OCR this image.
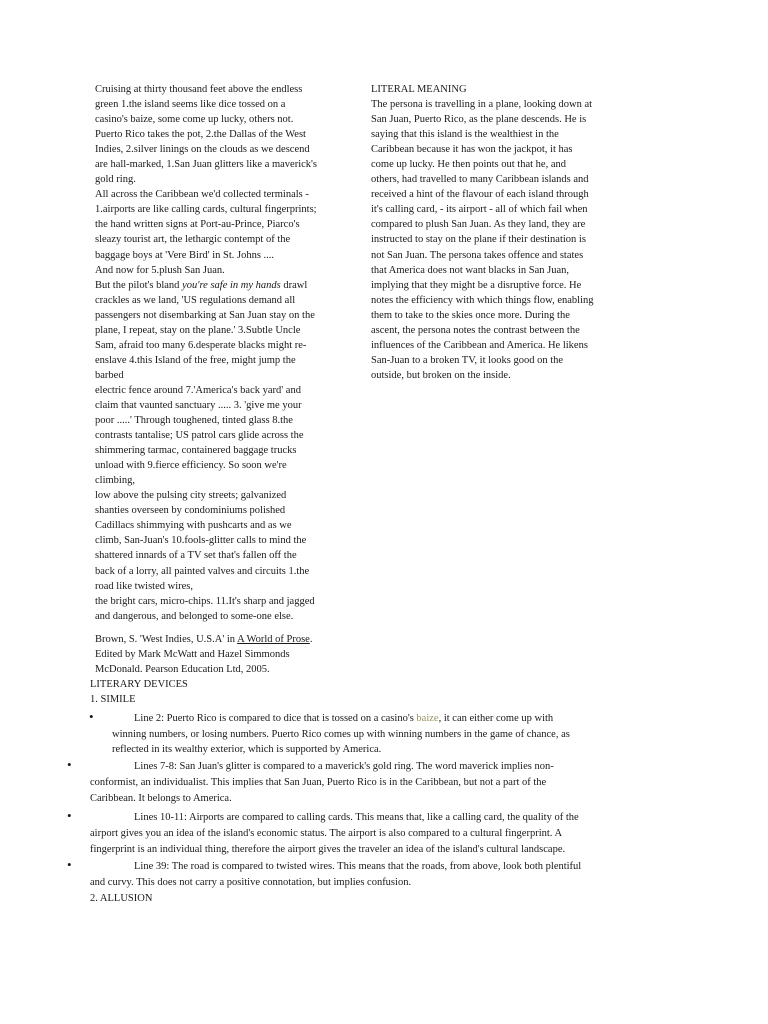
Cruising at thirty thousand feet above the endless
green 1.the island seems like dice tossed on a
casino's baize, some come up lucky, others not.
Puerto Rico takes the pot, 2.the Dallas of the West
Indies, 2.silver linings on the clouds as we descend
are hall-marked, 1.San Juan glitters like a maverick's
gold ring.
All across the Caribbean we'd collected terminals -
1.airports are like calling cards, cultural fingerprints;
the hand written signs at Port-au-Prince, Piarco's
sleazy tourist art, the lethargic contempt of the
baggage boys at 'Vere Bird' in St. Johns ....
And now for 5.plush San Juan.
But the pilot's bland you're safe in my hands drawl
crackles as we land, 'US regulations demand all
passengers not disembarking at San Juan stay on the
plane, I repeat, stay on the plane.' 3.Subtle Uncle
Sam, afraid too many 6.desperate blacks might re-
enslave 4.this Island of the free, might jump the
barbed
electric fence around 7.'America's back yard' and
claim that vaunted sanctuary ..... 3. 'give me your
poor .....' Through toughened, tinted glass 8.the
contrasts tantalise; US patrol cars glide across the
shimmering tarmac, containered baggage trucks
unload with 9.fierce efficiency. So soon we're
climbing,
low above the pulsing city streets; galvanized
shanties overseen by condominiums polished
Cadillacs shimmying with pushcarts and as we
climb, San-Juan's 10.fools-glitter calls to mind the
shattered innards of a TV set that's fallen off the
back of a lorry, all painted valves and circuits 1.the
road like twisted wires,
the bright cars, micro-chips. 11.It's sharp and jagged
and dangerous, and belonged to some-one else.
LITERAL MEANING
The persona is travelling in a plane, looking down at
San Juan, Puerto Rico, as the plane descends. He is
saying that this island is the wealthiest in the
Caribbean because it has won the jackpot, it has
come up lucky. He then points out that he, and
others, had travelled to many Caribbean islands and
received a hint of the flavour of each island through
it's calling card, - its airport - all of which fail when
compared to plush San Juan. As they land, they are
instructed to stay on the plane if their destination is
not San Juan. The persona takes offence and states
that America does not want blacks in San Juan,
implying that they might be a disruptive force. He
notes the efficiency with which things flow, enabling
them to take to the skies once more. During the
ascent, the persona notes the contrast between the
influences of the Caribbean and America. He likens
San-Juan to a broken TV, it looks good on the
outside, but broken on the inside.
Brown, S. 'West Indies, U.S.A' in A World of Prose.
Edited by Mark McWatt and Hazel Simmonds
McDonald. Pearson Education Ltd, 2005.
LITERARY DEVICES
1. SIMILE
•	Line 2: Puerto Rico is compared to dice that is tossed on a casino's baize, it can either come up with
winning numbers, or losing numbers. Puerto Rico comes up with winning numbers in the game of chance, as
reflected in its wealthy exterior, which is supported by America.
•	Lines 7-8: San Juan's glitter is compared to a maverick's gold ring. The word maverick implies non-
conformist, an individualist. This implies that San Juan, Puerto Rico is in the Caribbean, but not a part of the
Caribbean. It belongs to America.
•	Lines 10-11: Airports are compared to calling cards. This means that, like a calling card, the quality of the
airport gives you an idea of the island's economic status. The airport is also compared to a cultural fingerprint. A
fingerprint is an individual thing, therefore the airport gives the traveler an idea of the island's cultural landscape.
•	Line 39: The road is compared to twisted wires. This means that the roads, from above, look both plentiful
and curvy. This does not carry a positive connotation, but implies confusion.
2. ALLUSION
